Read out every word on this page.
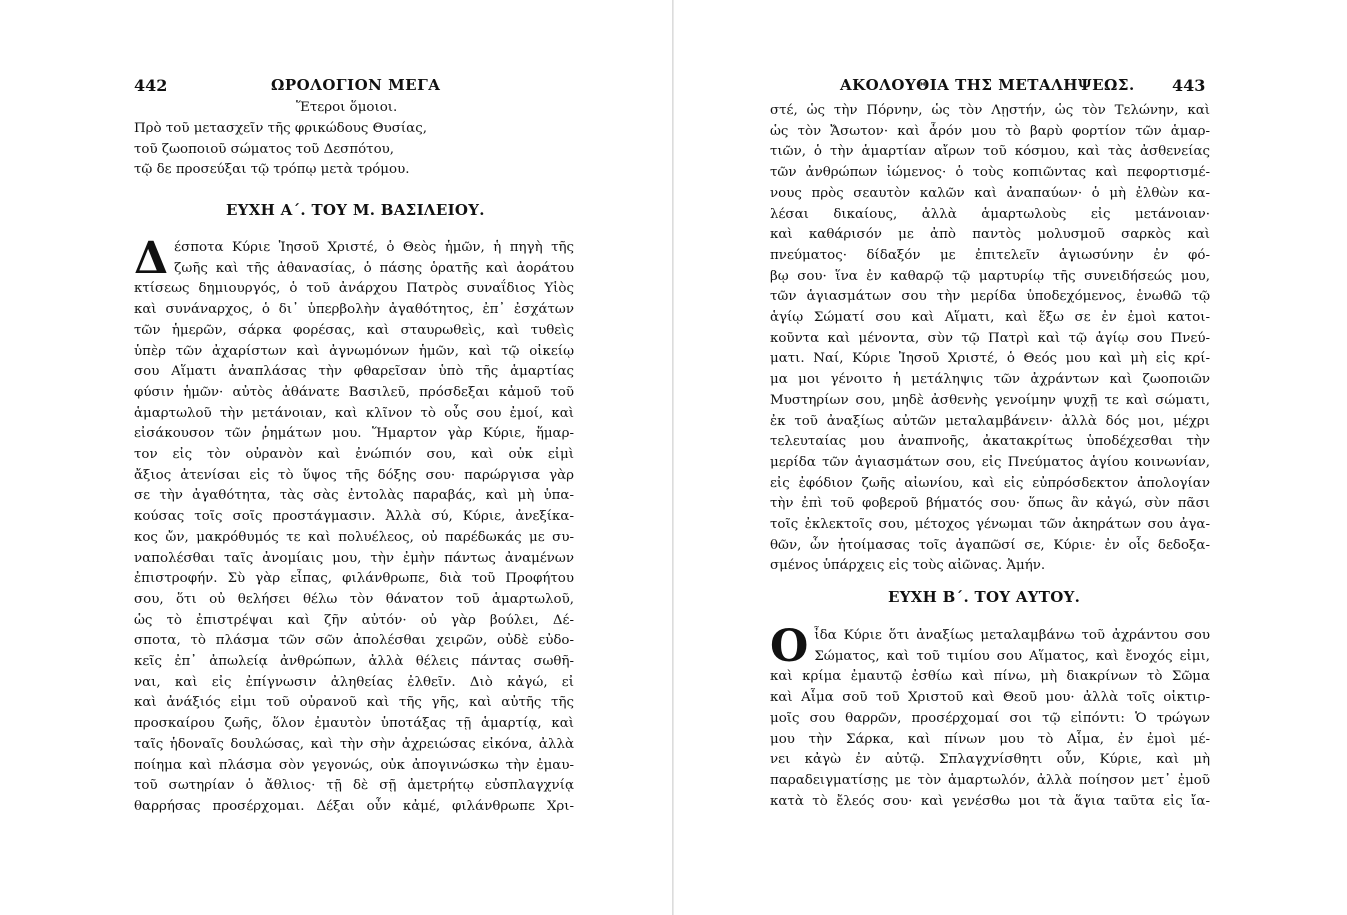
442	ΩΡΟΛΟΓΙΟΝ ΜΕΓΑ
Ἕτεροι ὅμοιοι.
Πρὸ τοῦ μετασχεῖν τῆς φρικώδους Θυσίας,
τοῦ ζωοποιοῦ σώματος τοῦ Δεσπότου,
τῷ δε προσεύξαι τῷ τρόπῳ μετὰ τρόμου.
ΕΥΧΗ Α΄. ΤΟΥ Μ. ΒΑΣΙΛΕΙΟΥ.
Δ έσποτα Κύριε Ἰησοῦ Χριστέ, ὁ Θεὸς ἡμῶν, ἡ πηγὴ τῆς
ζωῆς καὶ τῆς ἀθανασίας, ὁ πάσης ὁρατῆς καὶ ἀοράτου
κτίσεως δημιουργός, ὁ τοῦ ἀνάρχου Πατρὸς συναΐδιος Υἱὸς
καὶ συνάναρχος, ὁ δι᾽ ὑπερβολὴν ἀγαθότητος, ἐπ᾽ ἐσχάτων
τῶν ἡμερῶν, σάρκα φορέσας, καὶ σταυρωθεὶς, καὶ τυθεὶς
ὑπὲρ τῶν ἀχαρίστων καὶ ἀγνωμόνων ἡμῶν, καὶ τῷ οἰκείῳ
σου Αἵματι ἀναπλάσας τὴν φθαρεῖσαν ὑπὸ τῆς ἁμαρτίας
φύσιν ἡμῶν· αὐτὸς ἀθάνατε Βασιλεῦ, πρόσδεξαι κἀμοῦ τοῦ
ἁμαρτωλοῦ τὴν μετάνοιαν, καὶ κλῖνον τὸ οὖς σου ἐμοί, καὶ
εἰσάκουσον τῶν ῥημάτων μου. Ἥμαρτον γὰρ Κύριε, ἥμαρ-
τον εἰς τὸν οὐρανὸν καὶ ἐνώπιόν σου, καὶ οὐκ εἰμὶ
ἄξιος ἀτενίσαι εἰς τὸ ὕψος τῆς δόξης σου· παρώργισα γὰρ
σε τὴν ἀγαθότητα, τὰς σὰς ἐντολὰς παραβάς, καὶ μὴ ὑπα-
κούσας τοῖς σοῖς προστάγμασιν. Ἀλλὰ σύ, Κύριε, ἀνεξίκα-
κος ὤν, μακρόθυμός τε καὶ πολυέλεος, οὐ παρέδωκάς με συ-
ναπολέσθαι ταῖς ἀνομίαις μου, τὴν ἐμὴν πάντως ἀναμένων
ἐπιστροφήν. Σὺ γὰρ εἶπας, φιλάνθρωπε, διὰ τοῦ Προφήτου
σου, ὅτι οὐ θελήσει θέλω τὸν θάνατον τοῦ ἁμαρτωλοῦ,
ὡς τὸ ἐπιστρέψαι καὶ ζῆν αὐτόν· οὐ γὰρ βούλει, Δέ-
σποτα, τὸ πλάσμα τῶν σῶν ἀπολέσθαι χειρῶν, οὐδὲ εὐδο-
κεῖς ἐπ᾽ ἀπωλείᾳ ἀνθρώπων, ἀλλὰ θέλεις πάντας σωθῆ-
ναι, καὶ εἰς ἐπίγνωσιν ἀληθείας ἐλθεῖν. Διὸ κἀγώ, εἰ
καὶ ἀνάξιός εἰμι τοῦ οὐρανοῦ καὶ τῆς γῆς, καὶ αὐτῆς τῆς
προσκαίρου ζωῆς, ὅλον ἐμαυτὸν ὑποτάξας τῇ ἁμαρτίᾳ, καὶ
ταῖς ἡδοναῖς δουλώσας, καὶ τὴν σὴν ἀχρειώσας εἰκόνα, ἀλλὰ
ποίημα καὶ πλάσμα σὸν γεγονώς, οὐκ ἀπογινώσκω τὴν ἐμαυ-
τοῦ σωτηρίαν ὁ ἄθλιος· τῇ δὲ σῇ ἀμετρήτῳ εὐσπλαγχνίᾳ
θαρρήσας προσέρχομαι. Δέξαι οὖν κἀμέ, φιλάνθρωπε Χρι-
ΑΚΟΛΟΥΘΙΑ ΤΗΣ ΜΕΤΑΛΗΨΕΩΣ. 443
στέ, ὡς τὴν Πόρνην, ὡς τὸν Λῃστήν, ὡς τὸν Τελώνην, καὶ
ὡς τὸν Ἄσωτον· καὶ ἆρόν μου τὸ βαρὺ φορτίον τῶν ἁμαρ-
τιῶν, ὁ τὴν ἁμαρτίαν αἴρων τοῦ κόσμου, καὶ τὰς ἀσθενείας
τῶν ἀνθρώπων ἰώμενος· ὁ τοὺς κοπιῶντας καὶ πεφορτισμέ-
νους πρὸς σεαυτὸν καλῶν καὶ ἀναπαύων· ὁ μὴ ἐλθὼν κα-
λέσαι δικαίους, ἀλλὰ ἁμαρτωλοὺς εἰς μετάνοιαν·
καὶ καθάρισόν με ἀπὸ παντὸς μολυσμοῦ σαρκὸς καὶ
πνεύματος· δίδαξόν με ἐπιτελεῖν ἁγιωσύνην ἐν φό-
βῳ σου· ἵνα ἐν καθαρῷ τῷ μαρτυρίῳ τῆς συνειδήσεώς μου,
τῶν ἁγιασμάτων σου τὴν μερίδα ὑποδεχόμενος, ἑνωθῶ τῷ
ἁγίῳ Σώματί σου καὶ Αἵματι, καὶ ἕξω σε ἐν ἐμοὶ κατοι-
κοῦντα καὶ μένοντα, σὺν τῷ Πατρὶ καὶ τῷ ἁγίῳ σου Πνεύ-
ματι. Ναί, Κύριε Ἰησοῦ Χριστέ, ὁ Θεός μου καὶ μὴ εἰς κρί-
μα μοι γένοιτο ἡ μετάληψις τῶν ἀχράντων καὶ ζωοποιῶν
Μυστηρίων σου, μηδὲ ἀσθενὴς γενοίμην ψυχῇ τε καὶ σώματι,
ἐκ τοῦ ἀναξίως αὐτῶν μεταλαμβάνειν· ἀλλὰ δός μοι, μέχρι
τελευταίας μου ἀναπνοῆς, ἀκατακρίτως ὑποδέχεσθαι τὴν
μερίδα τῶν ἁγιασμάτων σου, εἰς Πνεύματος ἁγίου κοινωνίαν,
εἰς ἐφόδιον ζωῆς αἰωνίου, καὶ εἰς εὐπρόσδεκτον ἀπολογίαν
τὴν ἐπὶ τοῦ φοβεροῦ βήματός σου· ὅπως ἂν κἀγώ, σὺν πᾶσι
τοῖς ἐκλεκτοῖς σου, μέτοχος γένωμαι τῶν ἀκηράτων σου ἀγα-
θῶν, ὧν ἡτοίμασας τοῖς ἀγαπῶσί σε, Κύριε· ἐν οἷς δεδοξα-
σμένος ὑπάρχεις εἰς τοὺς αἰῶνας. Ἀμήν.
ΕΥΧΗ Β΄. ΤΟΥ ΑΥΤΟΥ.
Ο ἶδα Κύριε ὅτι ἀναξίως μεταλαμβάνω τοῦ ἀχράντου σου
Σώματος, καὶ τοῦ τιμίου σου Αἵματος, καὶ ἔνοχός εἰμι,
καὶ κρίμα ἐμαυτῷ ἐσθίω καὶ πίνω, μὴ διακρίνων τὸ Σῶμα
καὶ Αἷμα σοῦ τοῦ Χριστοῦ καὶ Θεοῦ μου· ἀλλὰ τοῖς οἰκτιρ-
μοῖς σου θαρρῶν, προσέρχομαί σοι τῷ εἰπόντι: Ὁ τρώγων
μου τὴν Σάρκα, καὶ πίνων μου τὸ Αἷμα, ἐν ἐμοὶ μέ-
νει κἀγὼ ἐν αὐτῷ. Σπλαγχνίσθητι οὖν, Κύριε, καὶ μὴ
παραδειγματίσῃς με τὸν ἁμαρτωλόν, ἀλλὰ ποίησον μετ᾽ ἐμοῦ
κατὰ τὸ ἔλεός σου· καὶ γενέσθω μοι τὰ ἅγια ταῦτα εἰς ἴα-
